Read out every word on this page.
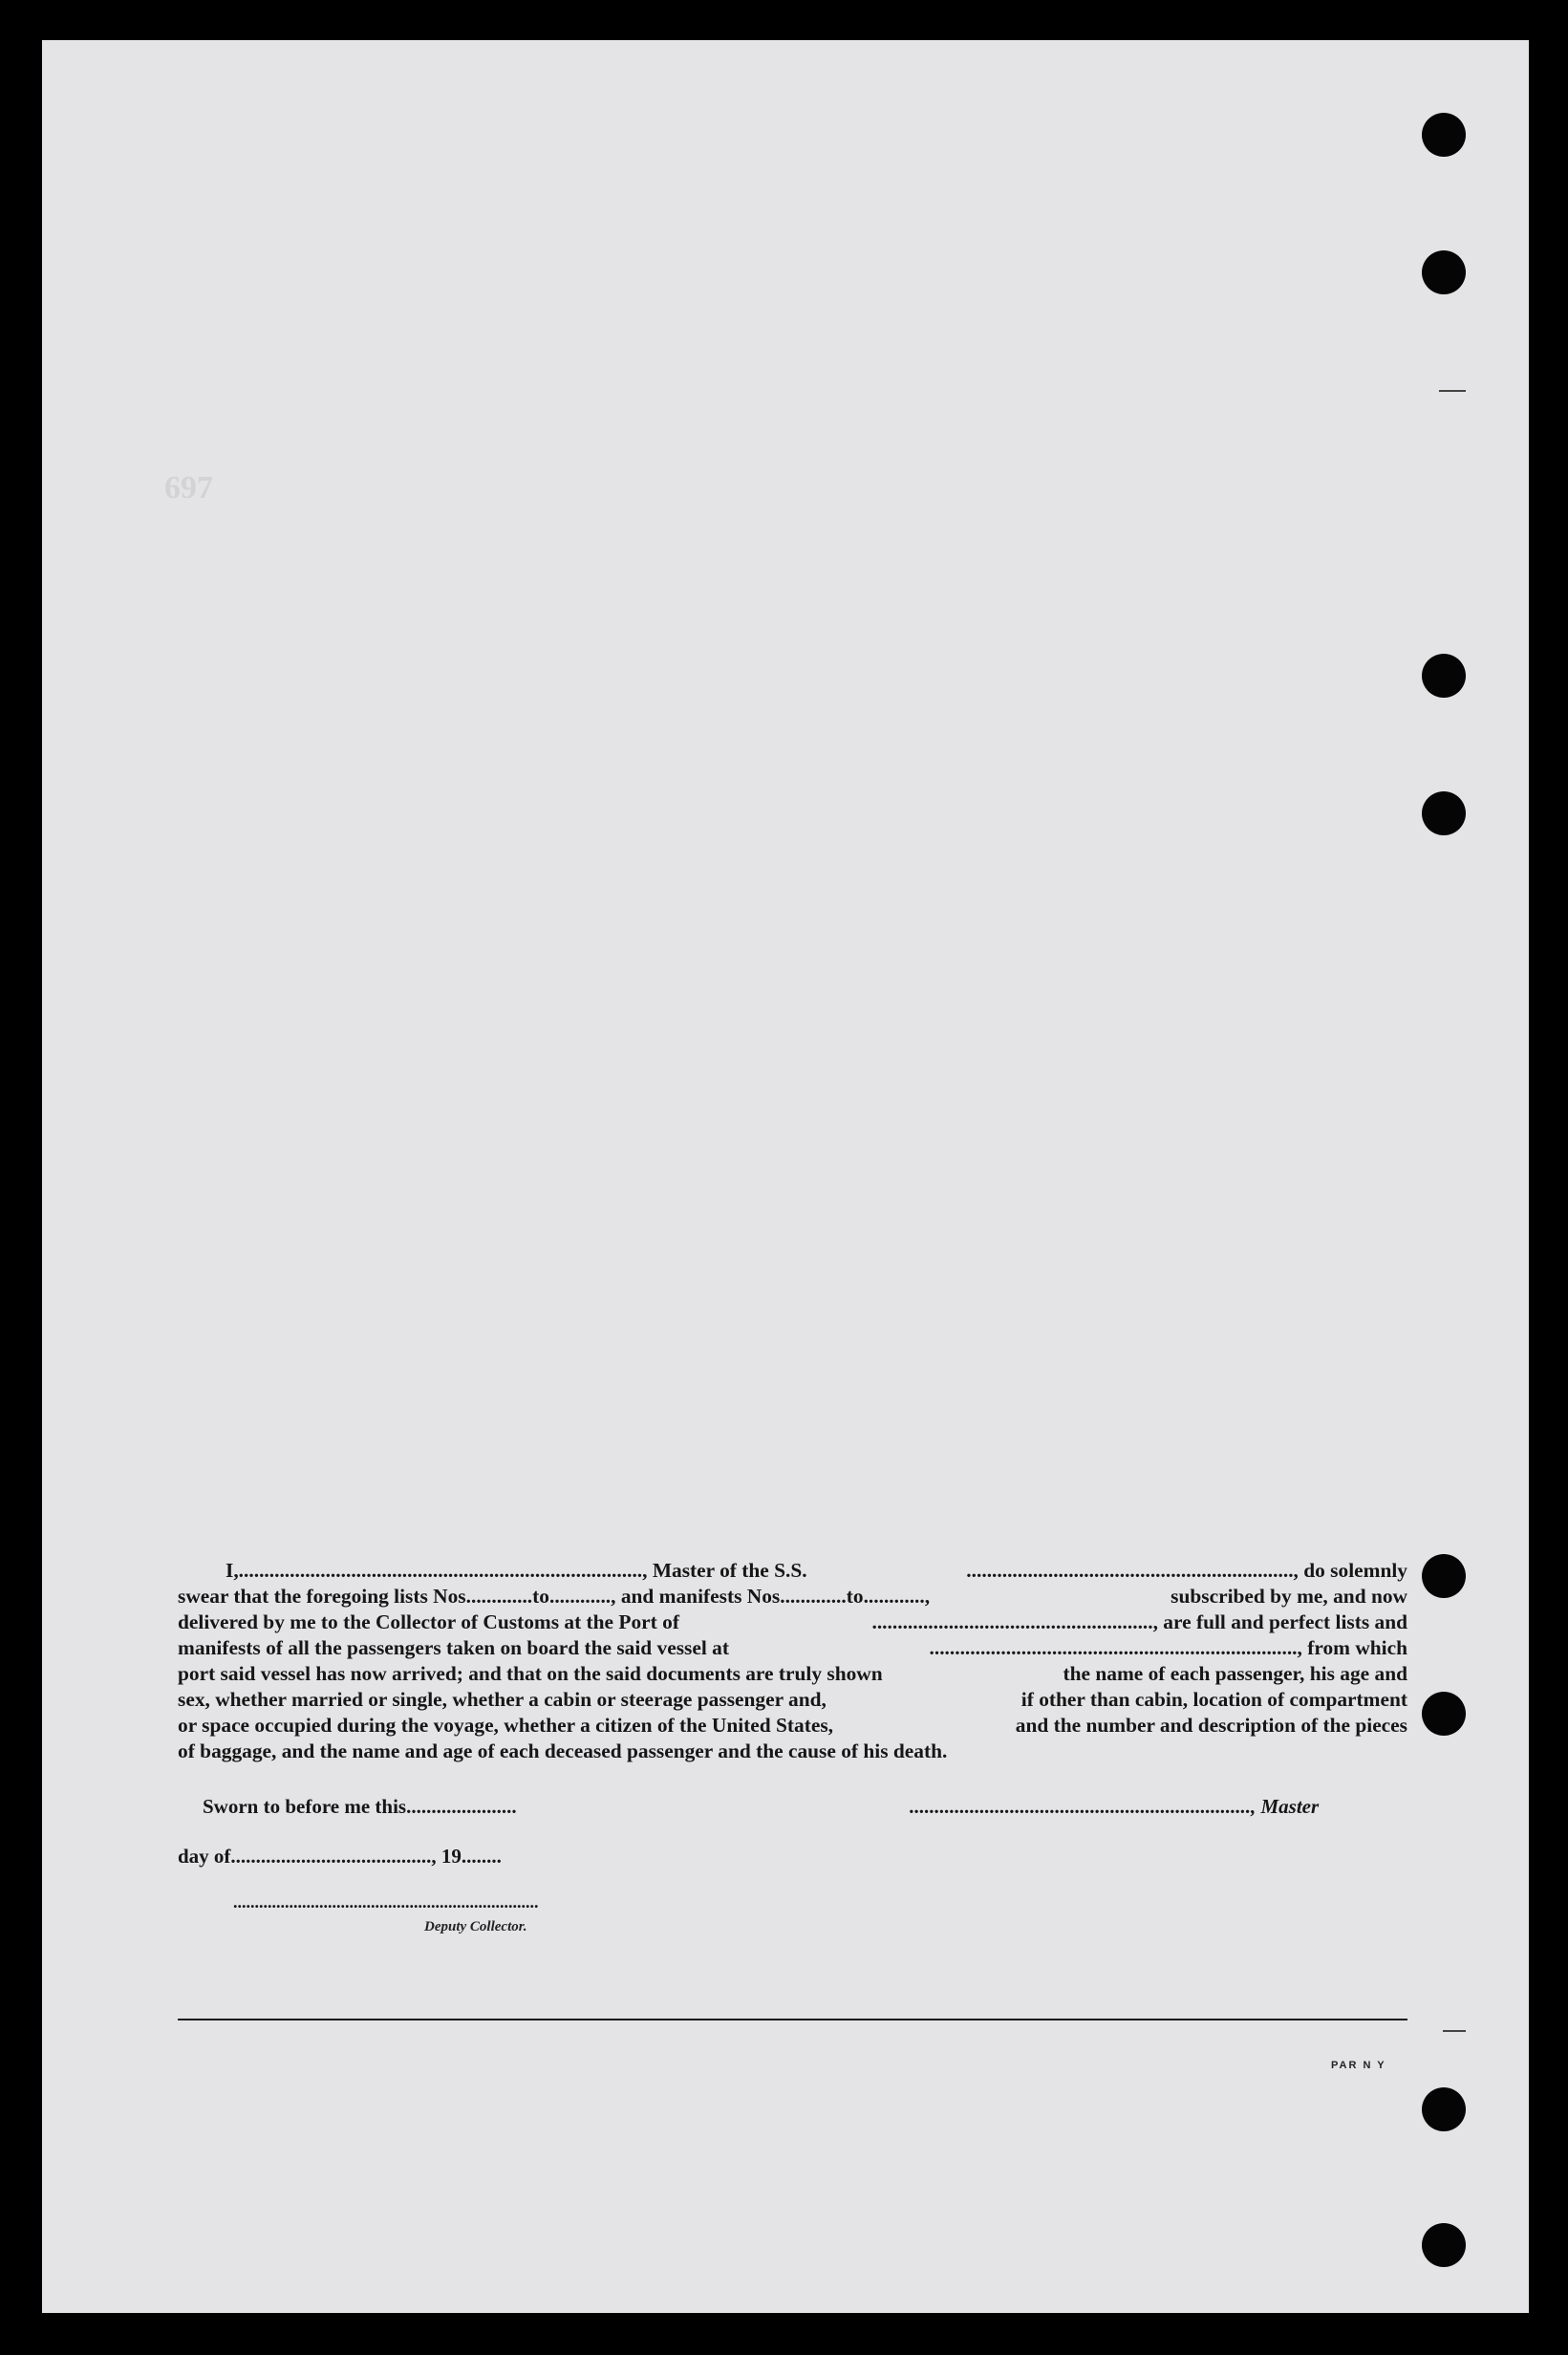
697
I,..............................................................................., Master of the S.S.	................................................................, do solemnly
swear that the foregoing lists Nos.............to............, and manifests Nos.............to............,	subscribed by me, and now
delivered by me to the Collector of Customs at the Port of	......................................................., are full and perfect lists and
manifests of all the passengers taken on board the said vessel at	........................................................................, from which
port said vessel has now arrived; and that on the said documents are truly shown	the name of each passenger, his age and
sex, whether married or single, whether a cabin or steerage passenger and,	if other than cabin, location of compartment
or space occupied during the voyage, whether a citizen of the United States,	and the number and description of the pieces
of baggage, and the name and age of each deceased passenger and the cause of his death.
Sworn to before me this......................	...................................................................., Master
day of........................................, 19........
.......................................................................
Deputy Collector.
PAR N Y
